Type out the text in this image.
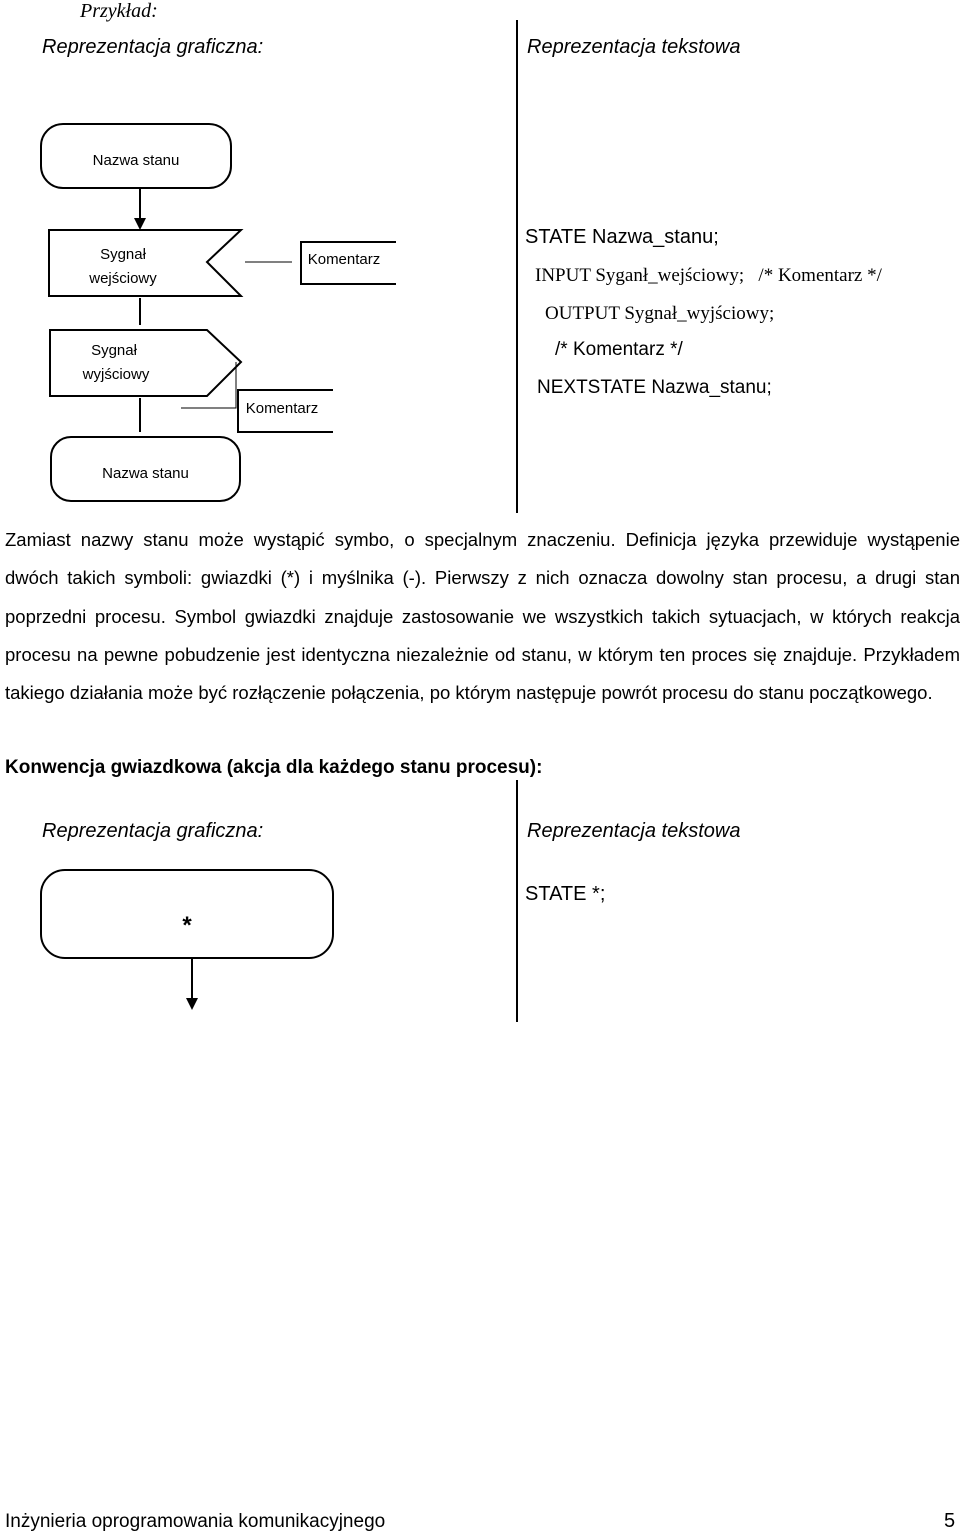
Przykład:
Reprezentacja graficzna:	Reprezentacja tekstowa
Nazwa stanu
Sygnał
wejściowy
Komentarz
Sygnał
wyjściowy
Komentarz
Nazwa stanu
STATE Nazwa_stanu;
INPUT Syganł_wejściowy;   /* Komentarz */
OUTPUT Sygnał_wyjściowy;
/* Komentarz */
NEXTSTATE Nazwa_stanu;
Zamiast nazwy stanu może wystąpić symbo, o specjalnym znaczeniu. Definicja języka przewiduje wystąpenie dwóch takich symboli: gwiazdki (*) i myślnika (-). Pierwszy z nich oznacza dowolny stan procesu, a drugi stan poprzedni procesu. Symbol gwiazdki znajduje zastosowanie we wszystkich takich sytuacjach, w których reakcja procesu na pewne pobudzenie jest identyczna niezależnie od stanu, w którym ten proces się znajduje. Przykładem takiego działania może być rozłączenie połączenia, po którym następuje powrót procesu do stanu początkowego.
Konwencja gwiazdkowa (akcja dla każdego stanu procesu):
Reprezentacja graficzna:	Reprezentacja tekstowa
*
STATE *;
Inżynieria oprogramowania komunikacyjnego	5
